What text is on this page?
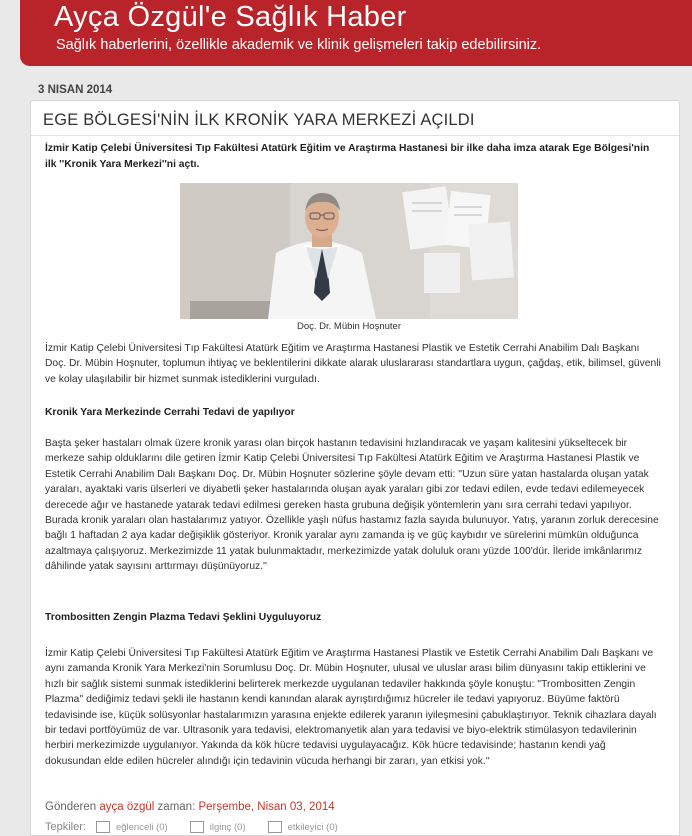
Ayça Özgül'e Sağlık Haber
Sağlık haberlerini, özellikle akademik ve klinik gelişmeleri takip edebilirsiniz.
3 NISAN 2014
EGE BÖLGESİ'NİN İLK KRONİK YARA MERKEZİ AÇILDI
İzmir Katip Çelebi Üniversitesi Tıp Fakültesi Atatürk Eğitim ve Araştırma Hastanesi bir ilke daha imza atarak Ege Bölgesi'nin ilk ''Kronik Yara Merkezi''ni açtı.
Doç. Dr. Mübin Hoşnuter
İzmir Katip Çelebi Üniversitesi Tıp Fakültesi Atatürk Eğitim ve Araştırma Hastanesi Plastik ve Estetik Cerrahi Anabilim Dalı Başkanı Doç. Dr. Mübin Hoşnuter, toplumun ihtiyaç ve beklentilerini dikkate alarak uluslararası standartlara uygun, çağdaş, etik, bilimsel, güvenli ve kolay ulaşılabilir bir hizmet sunmak istediklerini vurguladı.
Kronik Yara Merkezinde Cerrahi Tedavi de yapılıyor
Başta şeker hastaları olmak üzere kronik yarası olan birçok hastanın tedavisini hızlandıracak ve yaşam kalitesini yükseltecek bir merkeze sahip olduklarını dile getiren İzmir Katip Çelebi Üniversitesi Tıp Fakültesi Atatürk Eğitim ve Araştırma Hastanesi Plastik ve Estetik Cerrahi Anabilim Dalı Başkanı Doç. Dr. Mübin Hoşnuter sözlerine şöyle devam etti: ''Uzun süre yatan hastalarda oluşan yatak yaraları, ayaktaki varis ülserleri ve diyabetli şeker hastalarında oluşan ayak yaraları gibi zor tedavi edilen, evde tedavi edilemeyecek derecede ağır ve hastanede yatarak tedavi edilmesi gereken hasta grubuna değişik yöntemlerin yanı sıra cerrahi tedavi yapılıyor. Burada kronik yaraları olan hastalarımız yatıyor. Özellikle yaşlı nüfus hastamız fazla sayıda bulunuyor. Yatış, yaranın zorluk derecesine bağlı 1 haftadan 2 aya kadar değişiklik gösteriyor. Kronik yaralar aynı zamanda iş ve güç kaybıdır ve sürelerini mümkün olduğunca azaltmaya çalışıyoruz. Merkezimizde 11 yatak bulunmaktadır, merkezimizde yatak doluluk oranı yüzde 100'dür. İleride imkânlarımız dâhilinde yatak sayısını arttırmayı düşünüyoruz.''
Trombositten Zengin Plazma Tedavi Şeklini Uyguluyoruz
İzmir Katip Çelebi Üniversitesi Tıp Fakültesi Atatürk Eğitim ve Araştırma Hastanesi Plastik ve Estetik Cerrahi Anabilim Dalı Başkanı ve aynı zamanda Kronik Yara Merkezi'nin Sorumlusu Doç. Dr. Mübin Hoşnuter, ulusal ve uluslar arası bilim dünyasını takip ettiklerini ve hızlı bir sağlık sistemi sunmak istediklerini belirterek merkezde uygulanan tedaviler hakkında şöyle konuştu: ''Trombositten Zengin Plazma'' dediğimiz tedavi şekli ile hastanın kendi kanından alarak ayrıştırdığımız hücreler ile tedavi yapıyoruz. Büyüme faktörü tedavisinde ise, küçük solüsyonlar hastalarımızın yarasına enjekte edilerek yaranın iyileşmesini çabuklaştırıyor. Teknik cihazlara dayalı bir tedavi portföyümüz de var. Ultrasonik yara tedavisi, elektromanyetik alan yara tedavisi ve biyo-elektrik stimülasyon tedavilerinin herbiri merkezimizde uygulanıyor. Yakında da kök hücre tedavisi uygulayacağız. Kök hücre tedavisinde; hastanın kendi yağ dokusundan elde edilen hücreler alındığı için tedavinin vücuda herhangi bir zararı, yan etkisi yok.''
Gönderen ayça özgül zaman: Perşembe, Nisan 03, 2014
Tepkiler:	eğlenceli (0)	ilginç (0)	etkileyici (0)
